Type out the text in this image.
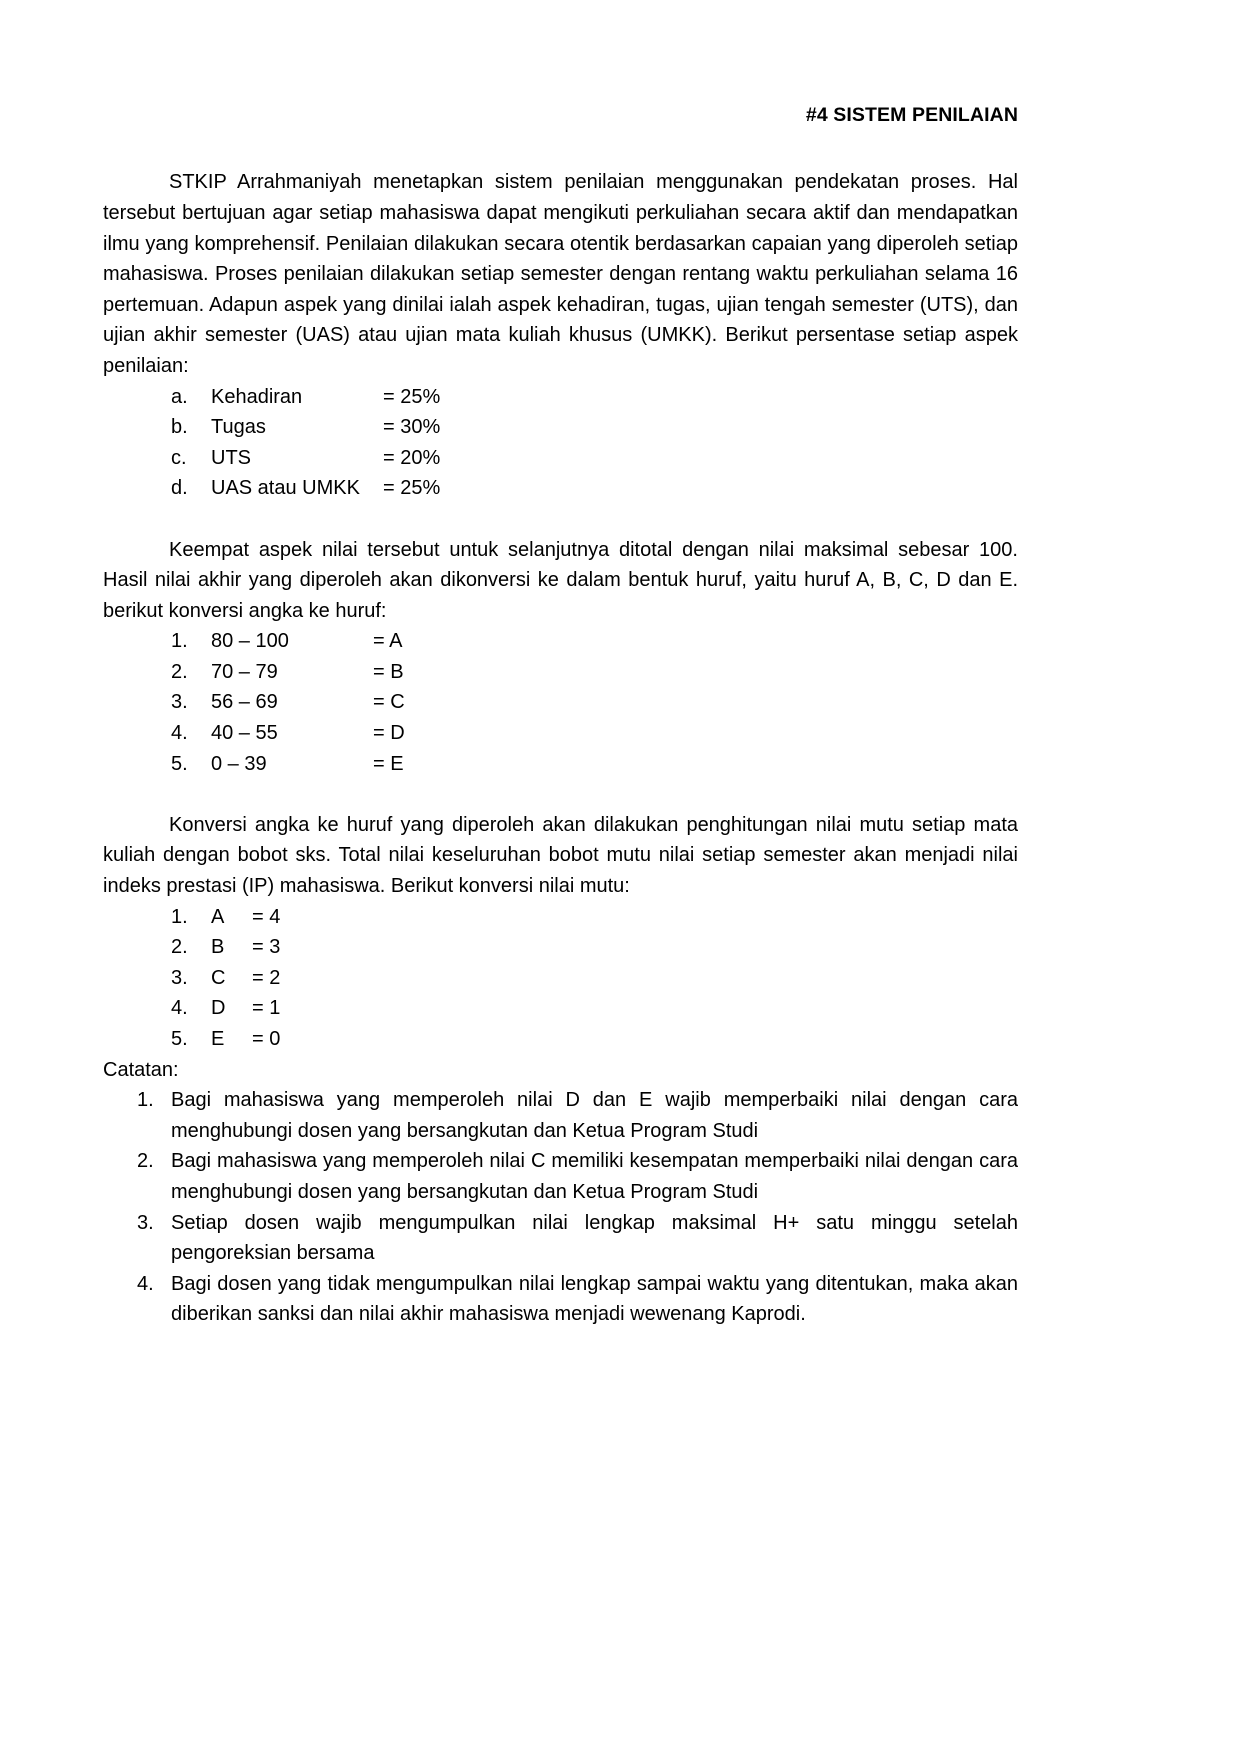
#4 SISTEM PENILAIAN

STKIP Arrahmaniyah menetapkan sistem penilaian menggunakan pendekatan proses. Hal tersebut bertujuan agar setiap mahasiswa dapat mengikuti perkuliahan secara aktif dan mendapatkan ilmu yang komprehensif. Penilaian dilakukan secara otentik berdasarkan capaian yang diperoleh setiap mahasiswa. Proses penilaian dilakukan setiap semester dengan rentang waktu perkuliahan selama 16 pertemuan. Adapun aspek yang dinilai ialah aspek kehadiran, tugas, ujian tengah semester (UTS), dan ujian akhir semester (UAS) atau ujian mata kuliah khusus (UMKK). Berikut persentase setiap aspek penilaian:

a.	Kehadiran	= 25%
b.	Tugas	= 30%
c.	UTS	= 20%
d.	UAS atau UMKK	= 25%

Keempat aspek nilai tersebut untuk selanjutnya ditotal dengan nilai maksimal sebesar 100. Hasil nilai akhir yang diperoleh akan dikonversi ke dalam bentuk huruf, yaitu huruf A, B, C, D dan E. berikut konversi angka ke huruf:

1.	80 – 100	= A
2.	70 – 79	= B
3.	56 – 69	= C
4.	40 – 55	= D
5.	0 – 39	= E

Konversi angka ke huruf yang diperoleh akan dilakukan penghitungan nilai mutu setiap mata kuliah dengan bobot sks. Total nilai keseluruhan bobot mutu nilai setiap semester akan menjadi nilai indeks prestasi (IP) mahasiswa. Berikut konversi nilai mutu:

1.	A	= 4
2.	B	= 3
3.	C	= 2
4.	D	= 1
5.	E	= 0

Catatan:

1. Bagi mahasiswa yang memperoleh nilai D dan E wajib memperbaiki nilai dengan cara menghubungi dosen yang bersangkutan dan Ketua Program Studi
2. Bagi mahasiswa yang memperoleh nilai C memiliki kesempatan memperbaiki nilai dengan cara menghubungi dosen yang bersangkutan dan Ketua Program Studi
3. Setiap dosen wajib mengumpulkan nilai lengkap maksimal H+ satu minggu setelah pengoreksian bersama
4. Bagi dosen yang tidak mengumpulkan nilai lengkap sampai waktu yang ditentukan, maka akan diberikan sanksi dan nilai akhir mahasiswa menjadi wewenang Kaprodi.
